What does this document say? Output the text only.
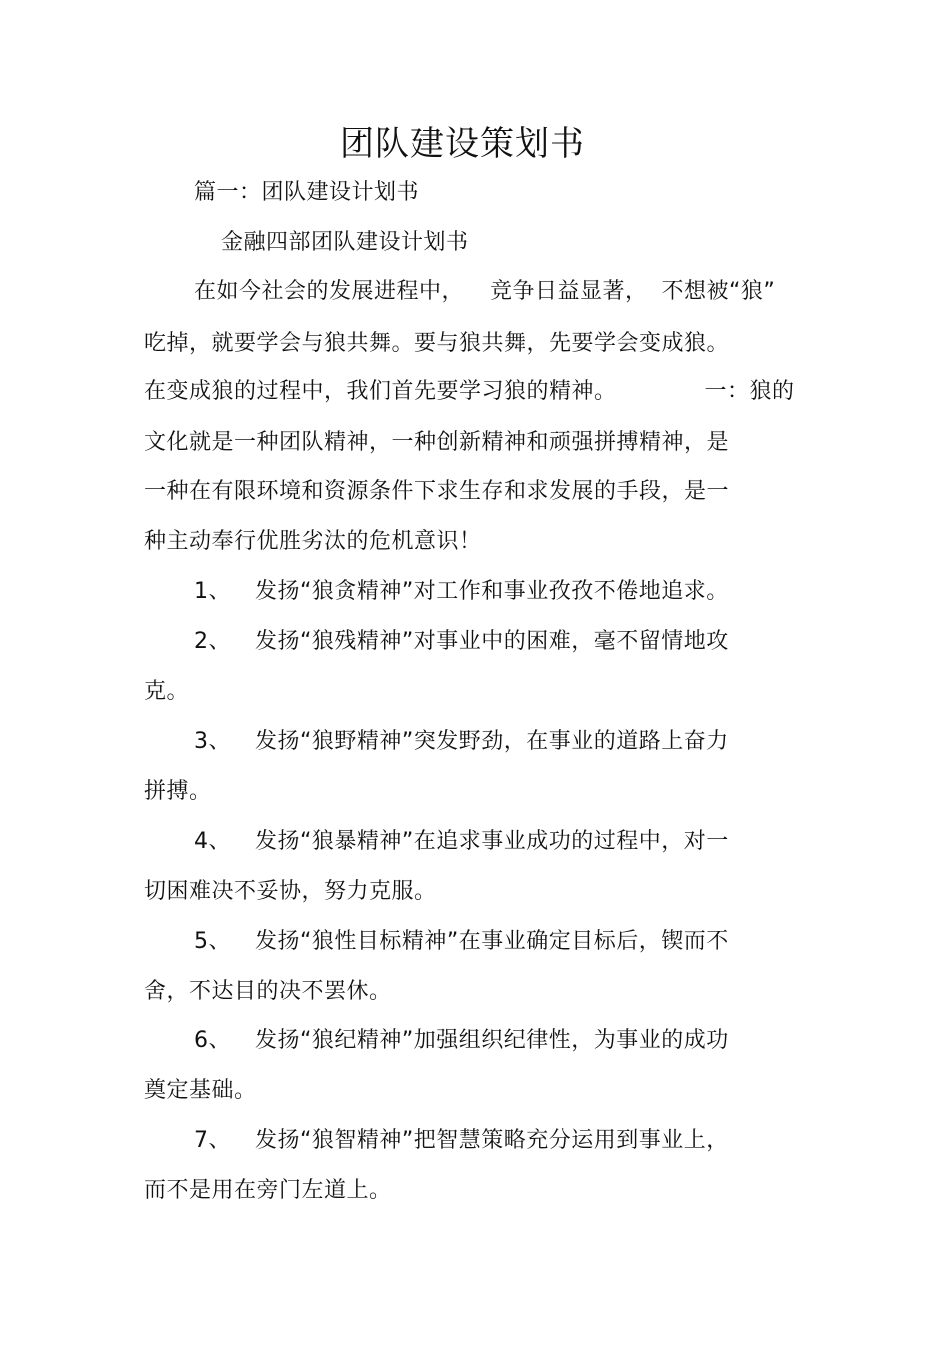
团队建设策划书
篇一：团队建设计划书
金融四部团队建设计划书
在如今社会的发展进程中， 竞争日益显著， 不想被“狼”
吃掉，就要学会与狼共舞。要与狼共舞，先要学会变成狼。
在变成狼的过程中，我们首先要学习狼的精神。	一：狼的
文化就是一种团队精神，一种创新精神和顽强拼搏精神，是
一种在有限环境和资源条件下求生存和求发展的手段，是一
种主动奉行优胜劣汰的危机意识！
1、 发扬“狼贪精神”对工作和事业孜孜不倦地追求。
2、 发扬“狼残精神”对事业中的困难，毫不留情地攻
克。
3、 发扬“狼野精神”突发野劲，在事业的道路上奋力
拼搏。
4、 发扬“狼暴精神”在追求事业成功的过程中，对一
切困难决不妥协，努力克服。
5、 发扬“狼性目标精神”在事业确定目标后，锲而不
舍，不达目的决不罢休。
6、 发扬“狼纪精神”加强组织纪律性，为事业的成功
奠定基础。
7、 发扬“狼智精神”把智慧策略充分运用到事业上，
而不是用在旁门左道上。
